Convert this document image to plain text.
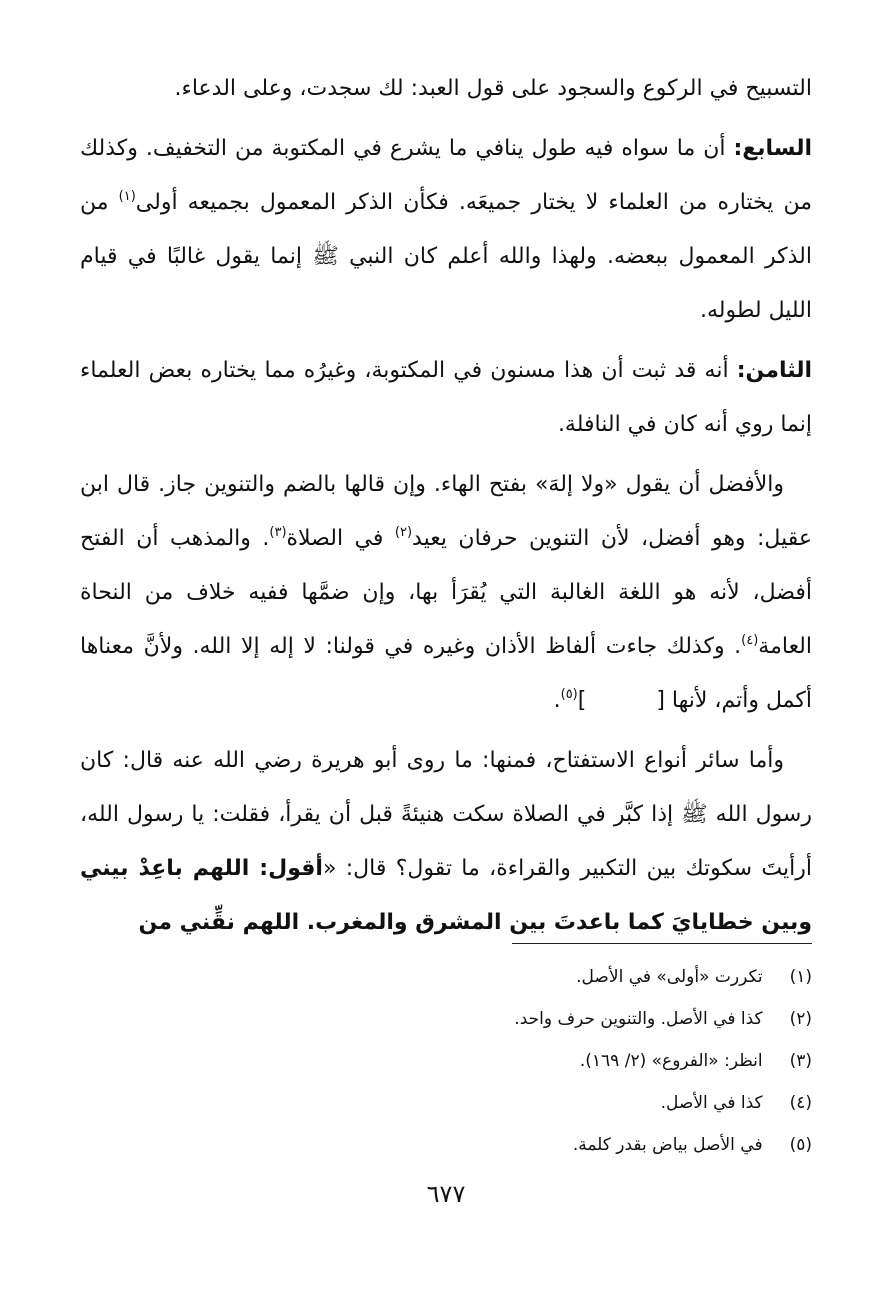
التسبيح في الركوع والسجود على قول العبد: لك سجدت، وعلى الدعاء.

السابع: أن ما سواه فيه طول ينافي ما يشرع في المكتوبة من التخفيف. وكذلك من يختاره من العلماء لا يختار جميعَه. فكأن الذكر المعمول بجميعه أولى$^{(١)}$ من الذكر المعمول ببعضه. ولهذا والله أعلم كان النبي ﷺ إنما يقول غالبًا في قيام الليل لطوله.

الثامن: أنه قد ثبت أن هذا مسنون في المكتوبة، وغيرُه مما يختاره بعض العلماء إنما روي أنه كان في النافلة.

والأفضل أن يقول «ولا إلهَ» بفتح الهاء. وإن قالها بالضم والتنوين جاز. قال ابن عقيل: وهو أفضل، لأن التنوين حرفان يعيد$^{(٢)}$ في الصلاة$^{(٣)}$. والمذهب أن الفتح أفضل، لأنه هو اللغة الغالبة التي يُقرَأ بها، وإن ضمَّها ففيه خلاف من النحاة العامة$^{(٤)}$. وكذلك جاءت ألفاظ الأذان وغيره في قولنا: لا إله إلا الله. ولأنَّ معناها أكمل وأتم، لأنها []$^{(٥)}$.

وأما سائر أنواع الاستفتاح، فمنها: ما روى أبو هريرة رضي الله عنه قال: كان رسول الله ﷺ إذا كبَّر في الصلاة سكت هنيئةً قبل أن يقرأ، فقلت: يا رسول الله، أرأيتَ سكوتك بين التكبير والقراءة، ما تقول؟ قال: «أقول: اللهم باعِدْ بيني وبين خطايايَ كما باعدتَ بين المشرق والمغرب. اللهم نقِّني من

(١) تكررت «أولى» في الأصل.
(٢) كذا في الأصل. والتنوين حرف واحد.
(٣) انظر: «الفروع» (٢/ ١٦٩).
(٤) كذا في الأصل.
(٥) في الأصل بياض بقدر كلمة.
٦٧٧
